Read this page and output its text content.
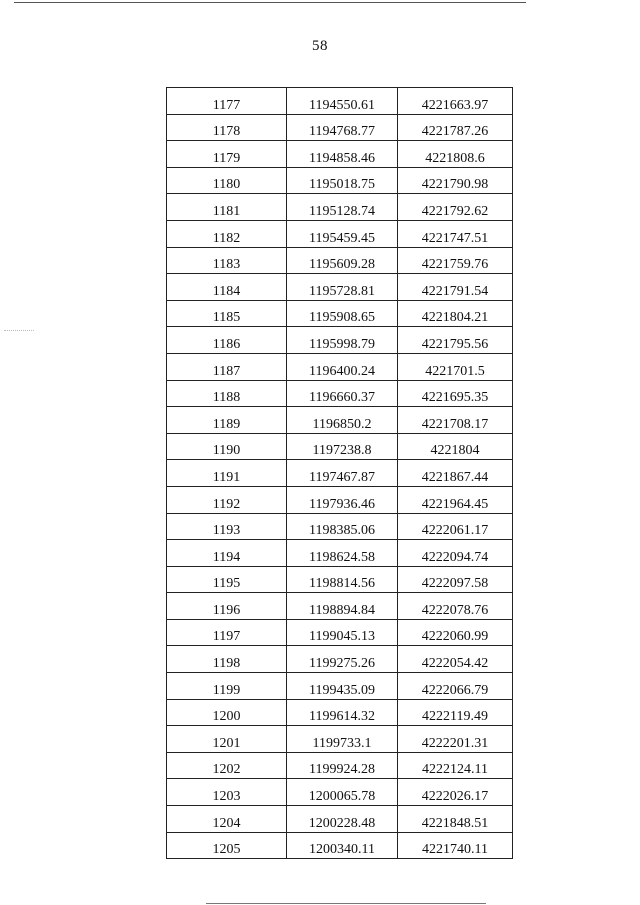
58
1177	1194550.61	4221663.97
1178	1194768.77	4221787.26
1179	1194858.46	4221808.6
1180	1195018.75	4221790.98
1181	1195128.74	4221792.62
1182	1195459.45	4221747.51
1183	1195609.28	4221759.76
1184	1195728.81	4221791.54
1185	1195908.65	4221804.21
1186	1195998.79	4221795.56
1187	1196400.24	4221701.5
1188	1196660.37	4221695.35
1189	1196850.2	4221708.17
1190	1197238.8	4221804
1191	1197467.87	4221867.44
1192	1197936.46	4221964.45
1193	1198385.06	4222061.17
1194	1198624.58	4222094.74
1195	1198814.56	4222097.58
1196	1198894.84	4222078.76
1197	1199045.13	4222060.99
1198	1199275.26	4222054.42
1199	1199435.09	4222066.79
1200	1199614.32	4222119.49
1201	1199733.1	4222201.31
1202	1199924.28	4222124.11
1203	1200065.78	4222026.17
1204	1200228.48	4221848.51
1205	1200340.11	4221740.11
